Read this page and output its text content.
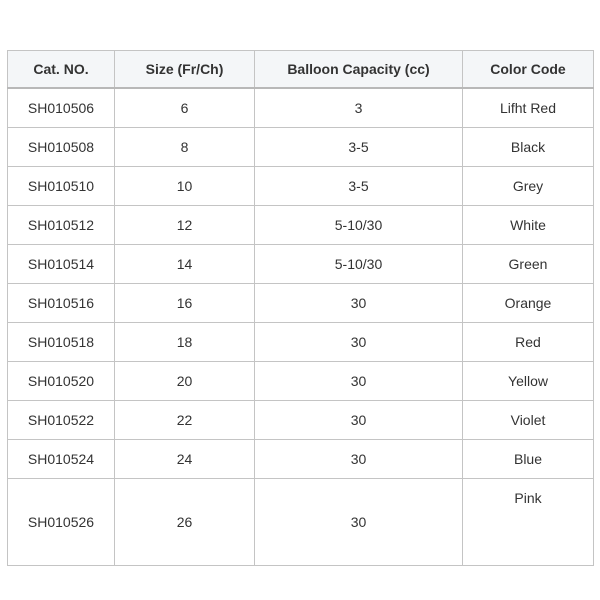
Cat. NO.	Size (Fr/Ch)	Balloon Capacity (cc)	Color Code
SH010506	6	3	Lifht Red
SH010508	8	3-5	Black
SH010510	10	3-5	Grey
SH010512	12	5-10/30	White
SH010514	14	5-10/30	Green
SH010516	16	30	Orange
SH010518	18	30	Red
SH010520	20	30	Yellow
SH010522	22	30	Violet
SH010524	24	30	Blue
SH010526	26	30	Pink
